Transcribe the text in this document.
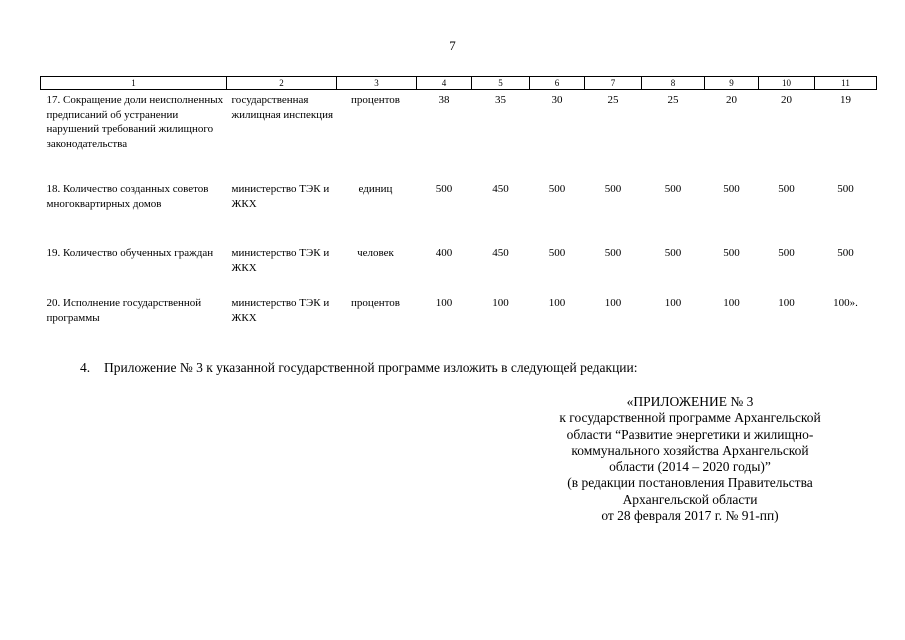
7
1	2	3	4	5	6	7	8	9	10	11
17. Сокращение доли неисполненных предписаний об устранении нарушений требований жилищного законодательства	государственная жилищная инспекция	процентов	38	35	30	25	25	20	20	19
18. Количество созданных советов многоквартирных домов	министерство ТЭК и ЖКХ	единиц	500	450	500	500	500	500	500	500
19. Количество обученных граждан	министерство ТЭК и ЖКХ	человек	400	450	500	500	500	500	500	500
20. Исполнение государственной программы	министерство ТЭК и ЖКХ	процентов	100	100	100	100	100	100	100	100».
4. Приложение № 3 к указанной государственной программе изложить в следующей редакции:
«ПРИЛОЖЕНИЕ № 3
к государственной программе Архангельской
области “Развитие энергетики и жилищно-
коммунального хозяйства Архангельской
области (2014 – 2020 годы)”
(в редакции постановления Правительства
Архангельской области
от 28 февраля 2017 г. № 91-пп)
